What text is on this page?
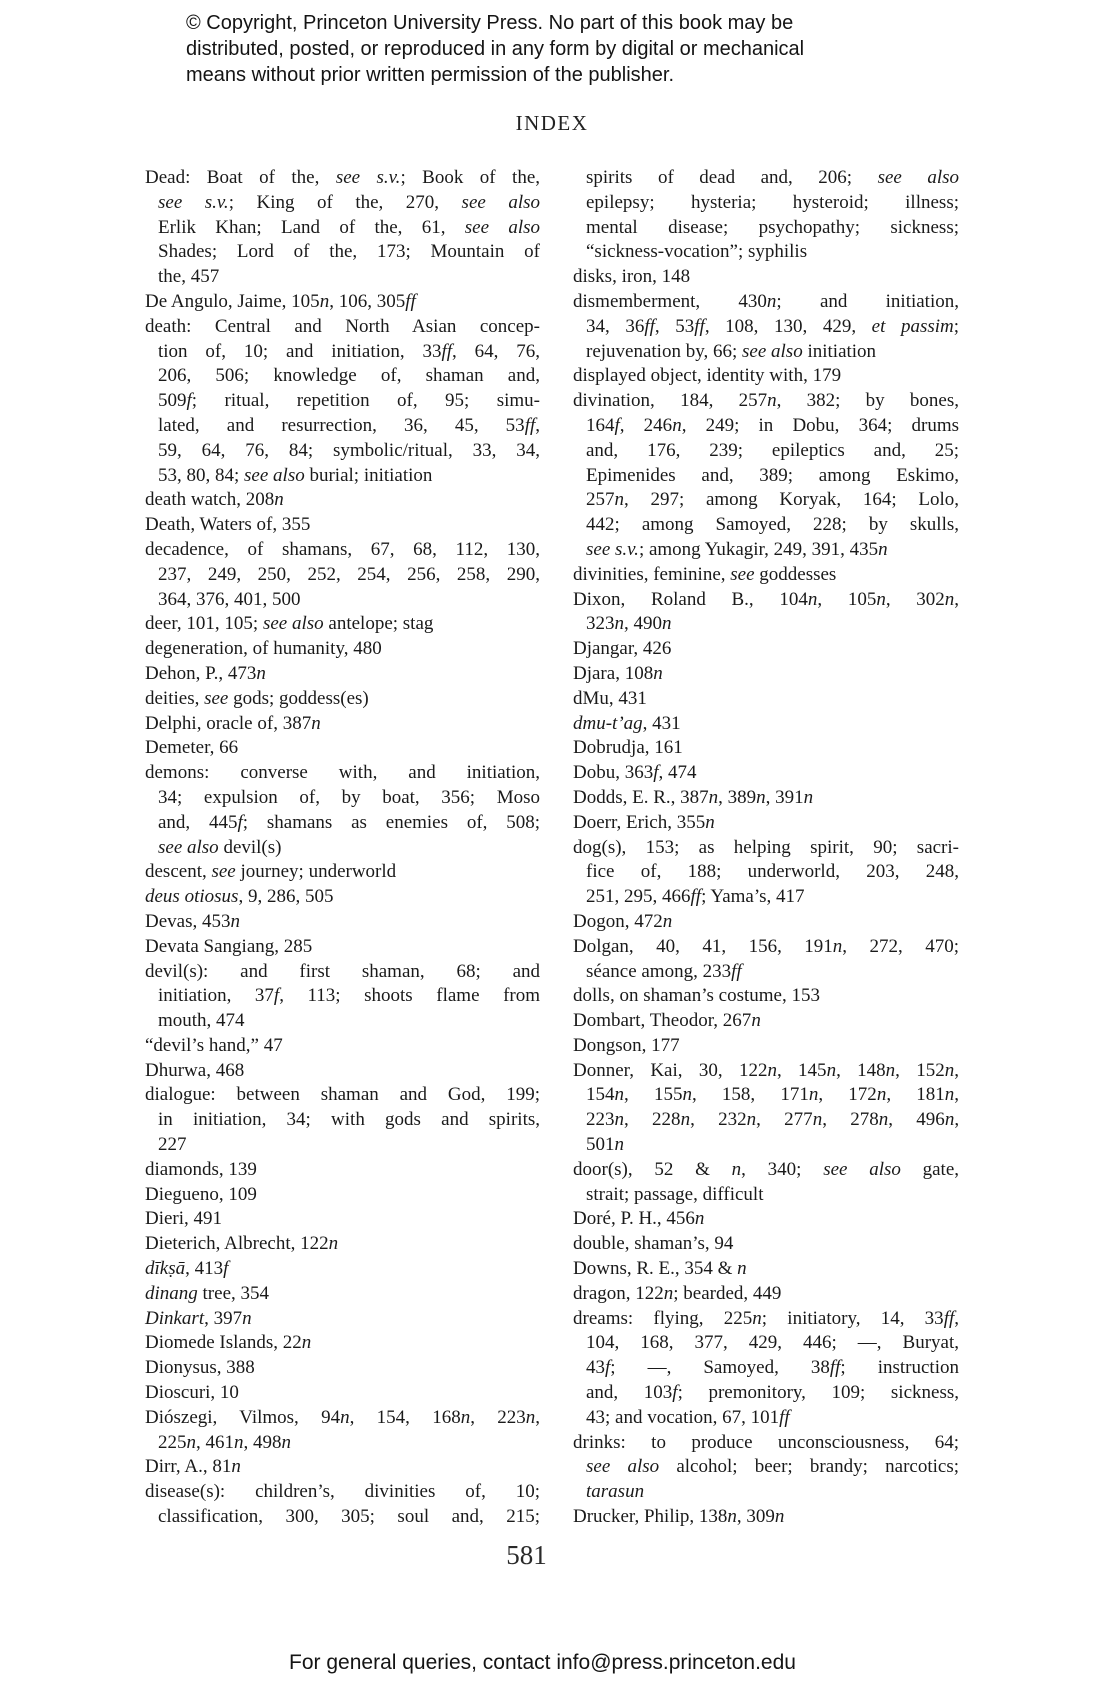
© Copyright, Princeton University Press. No part of this book may be
distributed, posted, or reproduced in any form by digital or mechanical
means without prior written permission of the publisher.
INDEX
Dead: Boat of the, see s.v.; Book of the,
see s.v.; King of the, 270, see also
Erlik Khan; Land of the, 61, see also
Shades; Lord of the, 173; Mountain of
the, 457
De Angulo, Jaime, 105n, 106, 305ff
death: Central and North Asian concep-
tion of, 10; and initiation, 33ff, 64, 76,
206, 506; knowledge of, shaman and,
509f; ritual, repetition of, 95; simu-
lated, and resurrection, 36, 45, 53ff,
59, 64, 76, 84; symbolic/ritual, 33, 34,
53, 80, 84; see also burial; initiation
death watch, 208n
Death, Waters of, 355
decadence, of shamans, 67, 68, 112, 130,
237, 249, 250, 252, 254, 256, 258, 290,
364, 376, 401, 500
deer, 101, 105; see also antelope; stag
degeneration, of humanity, 480
Dehon, P., 473n
deities, see gods; goddess(es)
Delphi, oracle of, 387n
Demeter, 66
demons: converse with, and initiation,
34; expulsion of, by boat, 356; Moso
and, 445f; shamans as enemies of, 508;
see also devil(s)
descent, see journey; underworld
deus otiosus, 9, 286, 505
Devas, 453n
Devata Sangiang, 285
devil(s): and first shaman, 68; and
initiation, 37f, 113; shoots flame from
mouth, 474
“devil’s hand,” 47
Dhurwa, 468
dialogue: between shaman and God, 199;
in initiation, 34; with gods and spirits,
227
diamonds, 139
Diegueno, 109
Dieri, 491
Dieterich, Albrecht, 122n
dīkṣā, 413f
dinang tree, 354
Dinkart, 397n
Diomede Islands, 22n
Dionysus, 388
Dioscuri, 10
Diószegi, Vilmos, 94n, 154, 168n, 223n,
225n, 461n, 498n
Dirr, A., 81n
disease(s): children’s, divinities of, 10;
classification, 300, 305; soul and, 215;
spirits of dead and, 206; see also
epilepsy; hysteria; hysteroid; illness;
mental disease; psychopathy; sickness;
“sickness-vocation”; syphilis
disks, iron, 148
dismemberment, 430n; and initiation,
34, 36ff, 53ff, 108, 130, 429, et passim;
rejuvenation by, 66; see also initiation
displayed object, identity with, 179
divination, 184, 257n, 382; by bones,
164f, 246n, 249; in Dobu, 364; drums
and, 176, 239; epileptics and, 25;
Epimenides and, 389; among Eskimo,
257n, 297; among Koryak, 164; Lolo,
442; among Samoyed, 228; by skulls,
see s.v.; among Yukagir, 249, 391, 435n
divinities, feminine, see goddesses
Dixon, Roland B., 104n, 105n, 302n,
323n, 490n
Djangar, 426
Djara, 108n
dMu, 431
dmu-t’ag, 431
Dobrudja, 161
Dobu, 363f, 474
Dodds, E. R., 387n, 389n, 391n
Doerr, Erich, 355n
dog(s), 153; as helping spirit, 90; sacri-
fice of, 188; underworld, 203, 248,
251, 295, 466ff; Yama’s, 417
Dogon, 472n
Dolgan, 40, 41, 156, 191n, 272, 470;
séance among, 233ff
dolls, on shaman’s costume, 153
Dombart, Theodor, 267n
Dongson, 177
Donner, Kai, 30, 122n, 145n, 148n, 152n,
154n, 155n, 158, 171n, 172n, 181n,
223n, 228n, 232n, 277n, 278n, 496n,
501n
door(s), 52 & n, 340; see also gate,
strait; passage, difficult
Doré, P. H., 456n
double, shaman’s, 94
Downs, R. E., 354 & n
dragon, 122n; bearded, 449
dreams: flying, 225n; initiatory, 14, 33ff,
104, 168, 377, 429, 446; —, Buryat,
43f; —, Samoyed, 38ff; instruction
and, 103f; premonitory, 109; sickness,
43; and vocation, 67, 101ff
drinks: to produce unconsciousness, 64;
see also alcohol; beer; brandy; narcotics;
tarasun
Drucker, Philip, 138n, 309n
581
For general queries, contact info@press.princeton.edu
